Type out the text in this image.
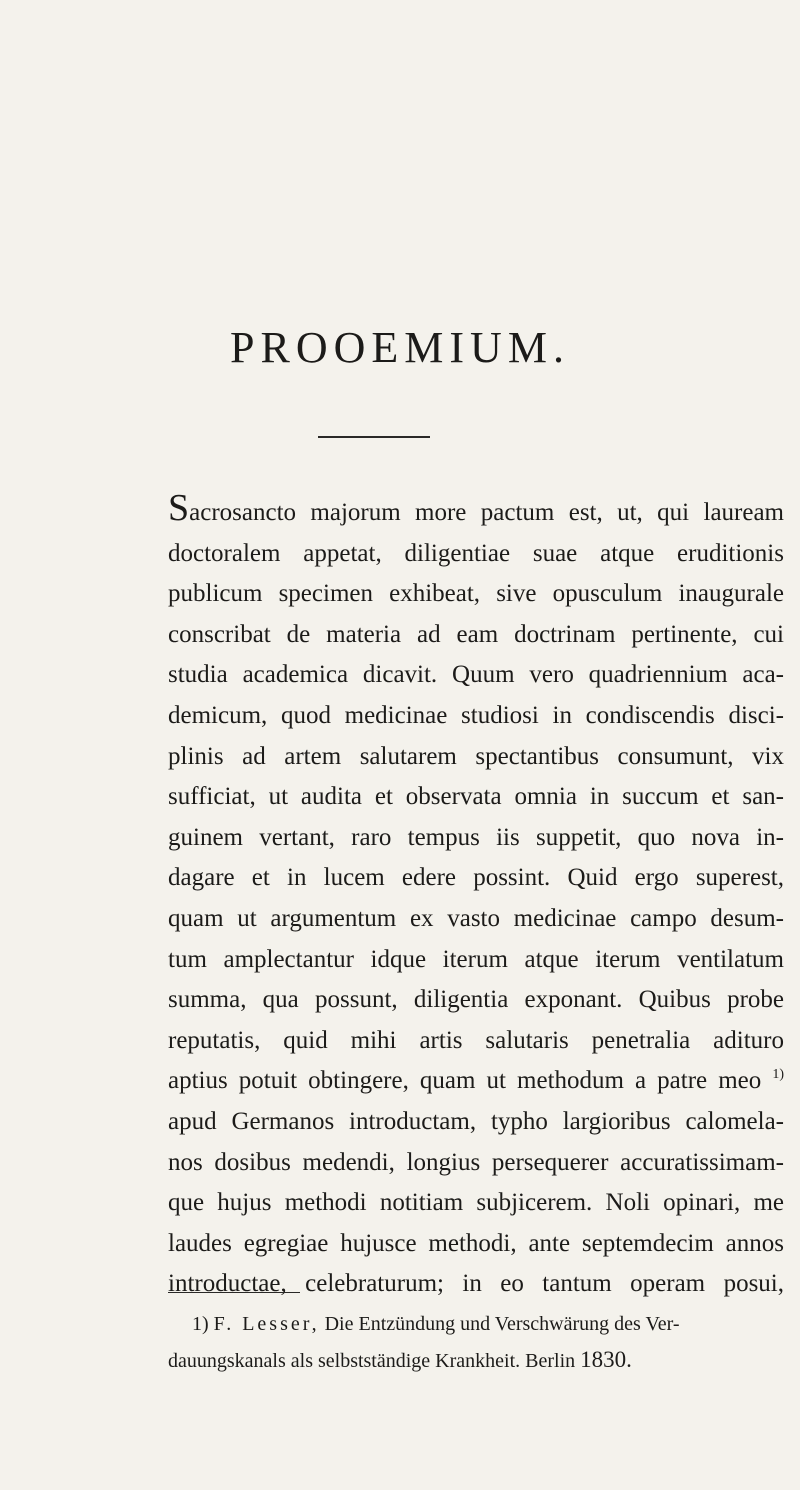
PROOEMIUM.
Sacrosancto majorum more pactum est, ut, qui lauream
doctoralem appetat, diligentiae suae atque eruditionis
publicum specimen exhibeat, sive opusculum inaugurale
conscribat de materia ad eam doctrinam pertinente, cui
studia academica dicavit. Quum vero quadriennium aca-
demicum, quod medicinae studiosi in condiscendis disci-
plinis ad artem salutarem spectantibus consumunt, vix
sufficiat, ut audita et observata omnia in succum et san-
guinem vertant, raro tempus iis suppetit, quo nova in-
dagare et in lucem edere possint. Quid ergo superest,
quam ut argumentum ex vasto medicinae campo desum-
tum amplectantur idque iterum atque iterum ventilatum
summa, qua possunt, diligentia exponant. Quibus probe
reputatis, quid mihi artis salutaris penetralia adituro
aptius potuit obtingere, quam ut methodum a patre meo $^{1)}$
apud Germanos introductam, typho largioribus calomela-
nos dosibus medendi, longius persequerer accuratissimam-
que hujus methodi notitiam subjicerem. Noli opinari, me
laudes egregiae hujusce methodi, ante septemdecim annos
introductae, celebraturum; in eo tantum operam posui,
1) F. Lesser, Die Entzündung und Verschwärung des Ver-
dauungskanals als selbstständige Krankheit. Berlin 1830.
